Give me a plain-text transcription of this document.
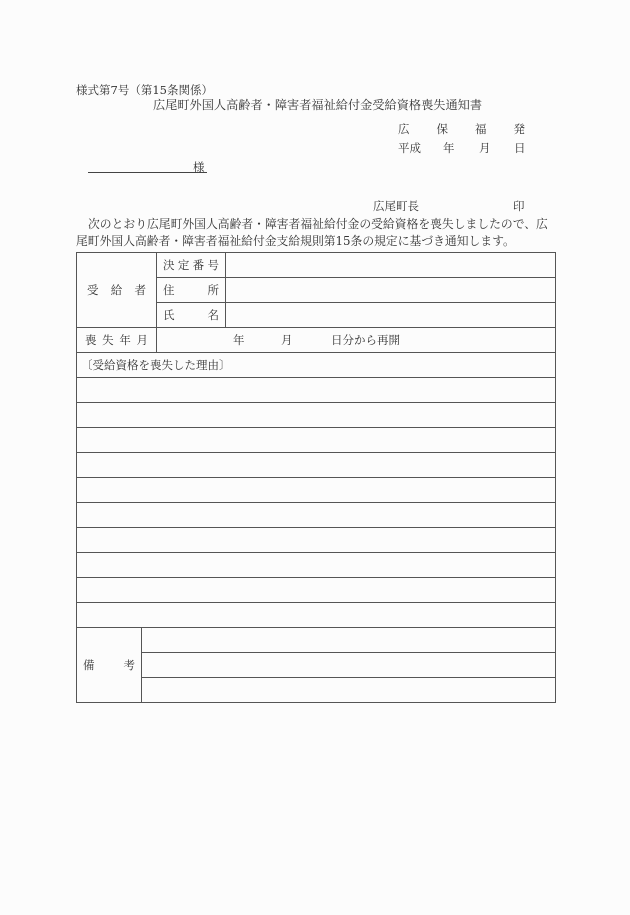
様式第7号（第15条関係）
広尾町外国人高齢者・障害者福祉給付金受給資格喪失通知書
広 保 福 発
平成 年 月 日
様
広尾町長	印
次のとおり広尾町外国人高齢者・障害者福祉給付金の受給資格を喪失しましたので、広
尾町外国人高齢者・障害者福祉給付金支給規則第15条の規定に基づき通知します。
受 給 者		決 定 番 号	

		住 所	

		氏 名	

喪 失 年 月		年 月 日分から再開	

〔受給資格を喪失した理由〕			

備 考			
